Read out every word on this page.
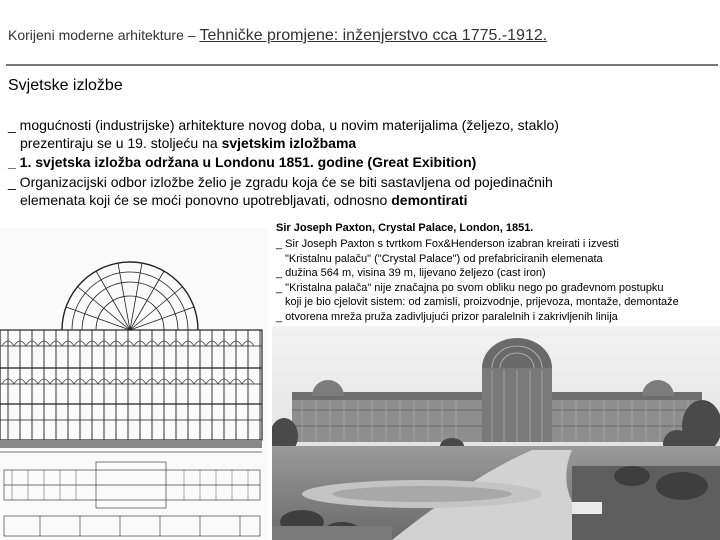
Korijeni moderne arhitekture – Tehničke promjene: inženjerstvo cca 1775.-1912.
Svjetske izložbe
_ mogućnosti (industrijske) arhitekture novog doba, u novim materijalima (željezo, staklo)
prezentiraju se u 19. stoljeću na svjetskim izložbama
_ 1. svjetska izložba održana u Londonu 1851. godine (Great Exibition)
_ Organizacijski odbor izložbe želio je zgradu koja će se biti sastavljena od pojedinačnih
elemenata koji će se moći ponovno upotrebljavati, odnosno demontirati
Sir Joseph Paxton, Crystal Palace, London, 1851.
_ Sir Joseph Paxton s tvrtkom Fox&Henderson izabran kreirati i izvesti
"Kristalnu palaču" ("Crystal Palace") od prefabriciranih elemenata
_ dužina 564 m, visina 39 m, lijevano željezo (cast iron)
_ "Kristalna palača" nije značajna po svom obliku nego po građevnom postupku
koji je bio cjelovit sistem: od zamisli, proizvodnje, prijevoza, montaže, demontaže
_ otvorena mreža pruža zadivljujući prizor paralelnih i zakrivljenih linija
